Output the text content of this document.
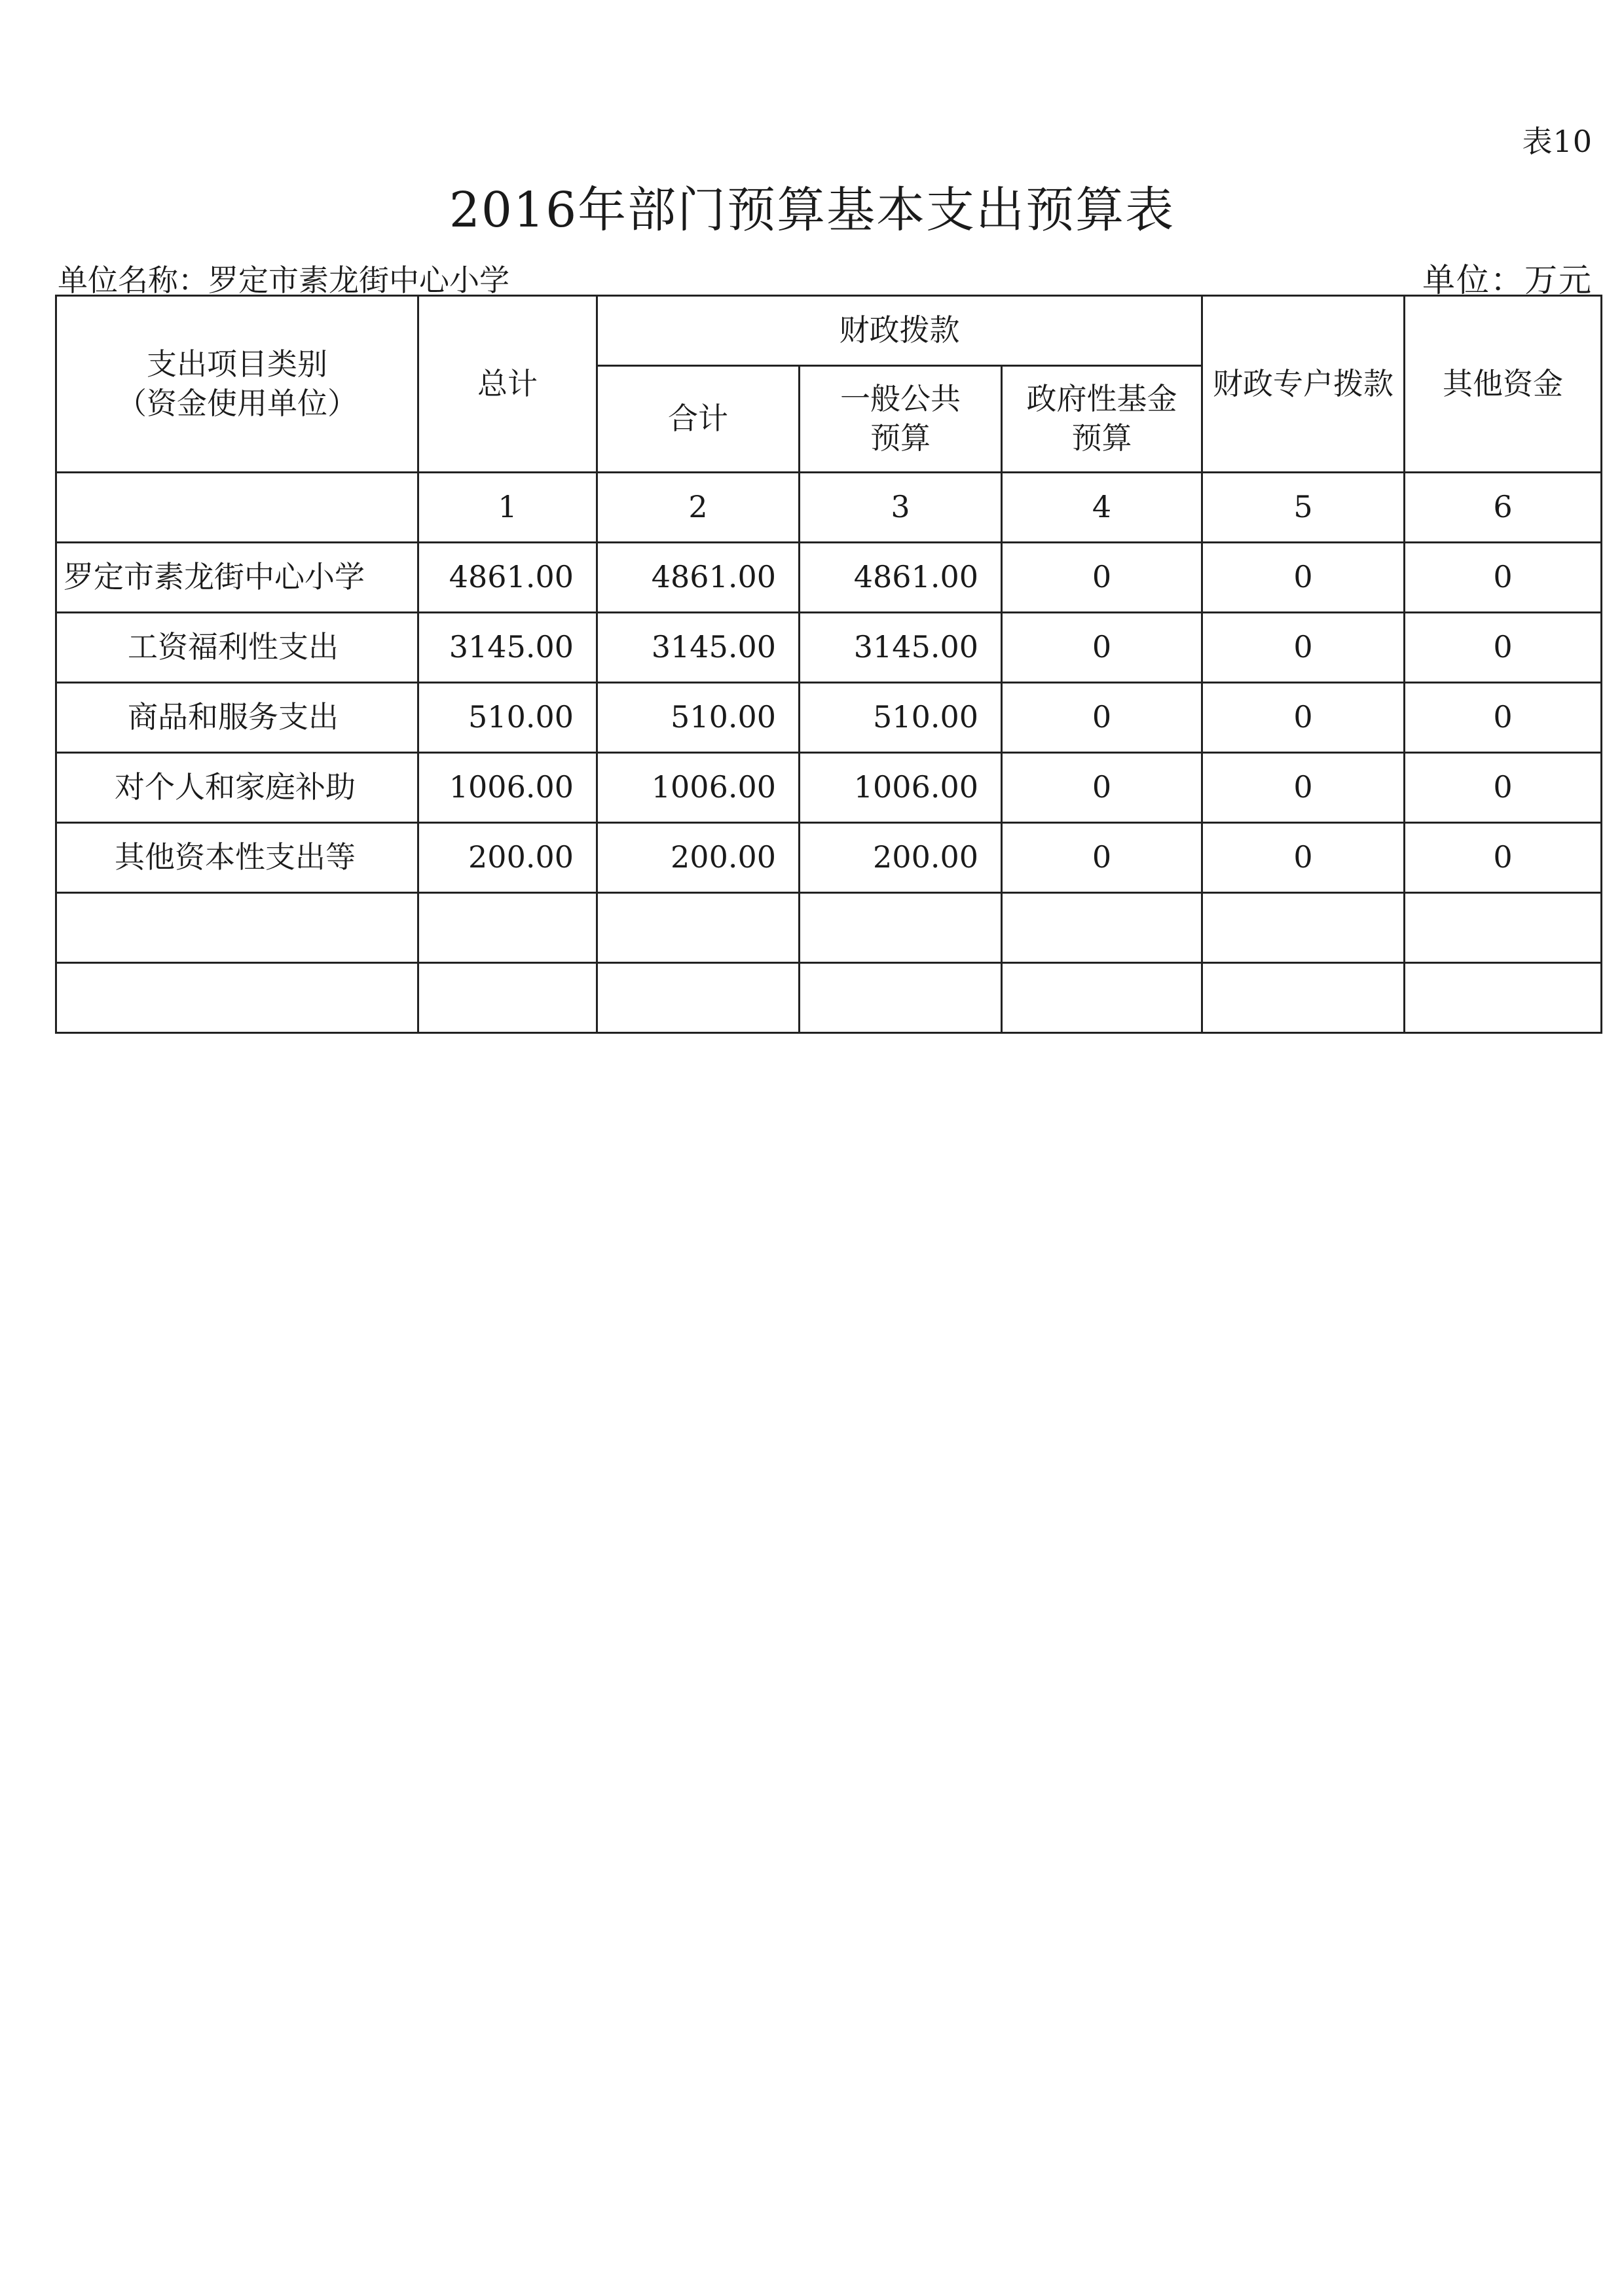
表10
2016年部门预算基本支出预算表
单位名称：罗定市素龙街中心小学	单位：万元
支出项目类别
（资金使用单位）	总计	财政拨款			财政专户拨款	其他资金
		合计	一般公共预算	政府性基金预算		
	1	2	3	4	5	6
罗定市素龙街中心小学	4861.00	4861.00	4861.00	0	0	0
工资福利性支出	3145.00	3145.00	3145.00	0	0	0
商品和服务支出	510.00	510.00	510.00	0	0	0
对个人和家庭补助	1006.00	1006.00	1006.00	0	0	0
其他资本性支出等	200.00	200.00	200.00	0	0	0
